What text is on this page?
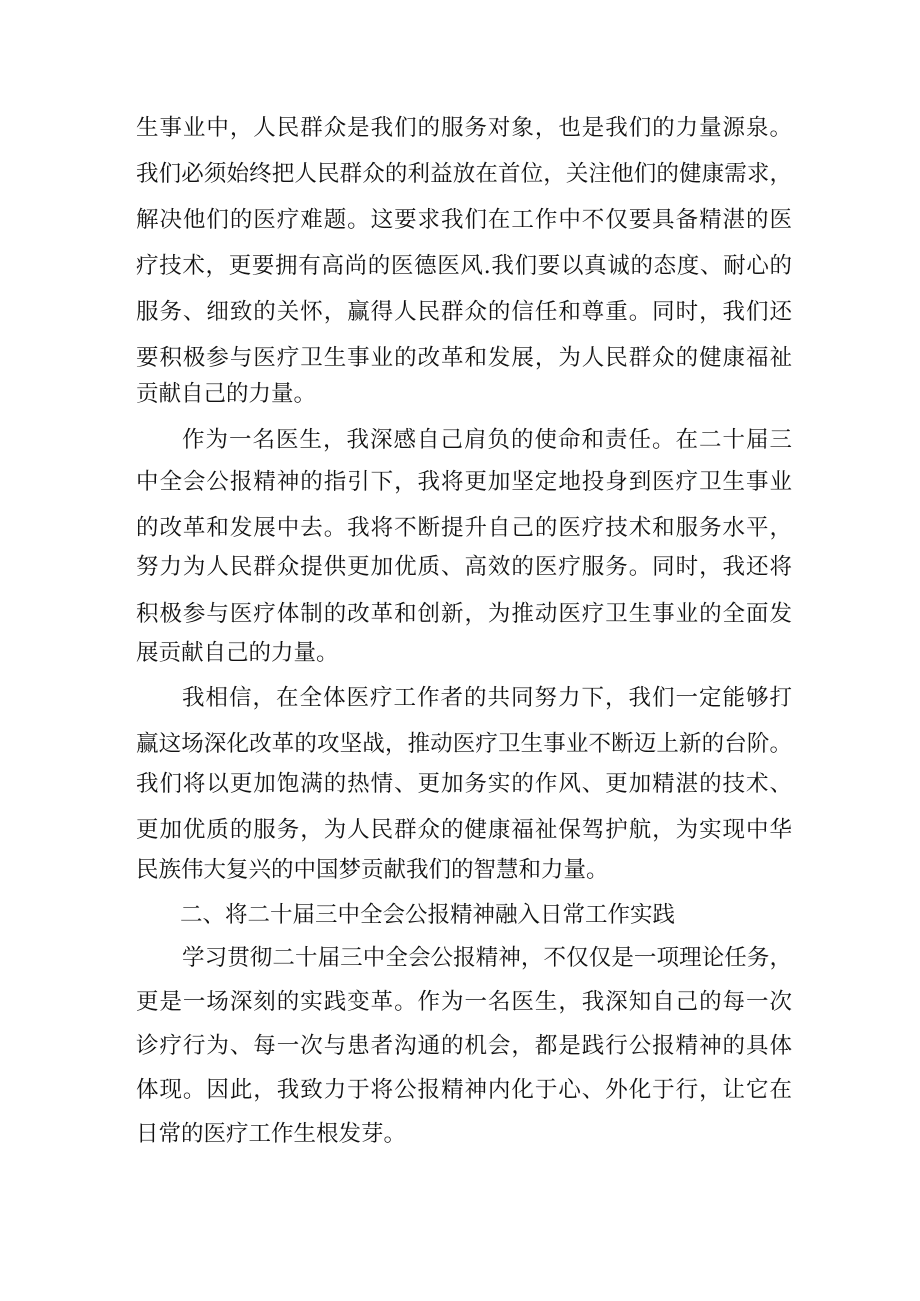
生事业中，人民群众是我们的服务对象，也是我们的力量源泉。
我们必须始终把人民群众的利益放在首位，关注他们的健康需求，
解决他们的医疗难题。这要求我们在工作中不仅要具备精湛的医
疗技术，更要拥有高尚的医德医风.我们要以真诚的态度、耐心的
服务、细致的关怀，赢得人民群众的信任和尊重。同时，我们还
要积极参与医疗卫生事业的改革和发展，为人民群众的健康福祉
贡献自己的力量。
作为一名医生，我深感自己肩负的使命和责任。在二十届三
中全会公报精神的指引下，我将更加坚定地投身到医疗卫生事业
的改革和发展中去。我将不断提升自己的医疗技术和服务水平，
努力为人民群众提供更加优质、高效的医疗服务。同时，我还将
积极参与医疗体制的改革和创新，为推动医疗卫生事业的全面发
展贡献自己的力量。
我相信，在全体医疗工作者的共同努力下，我们一定能够打
赢这场深化改革的攻坚战，推动医疗卫生事业不断迈上新的台阶。
我们将以更加饱满的热情、更加务实的作风、更加精湛的技术、
更加优质的服务，为人民群众的健康福祉保驾护航，为实现中华
民族伟大复兴的中国梦贡献我们的智慧和力量。
二、将二十届三中全会公报精神融入日常工作实践
学习贯彻二十届三中全会公报精神，不仅仅是一项理论任务，
更是一场深刻的实践变革。作为一名医生，我深知自己的每一次
诊疗行为、每一次与患者沟通的机会，都是践行公报精神的具体
体现。因此，我致力于将公报精神内化于心、外化于行，让它在
日常的医疗工作生根发芽。
